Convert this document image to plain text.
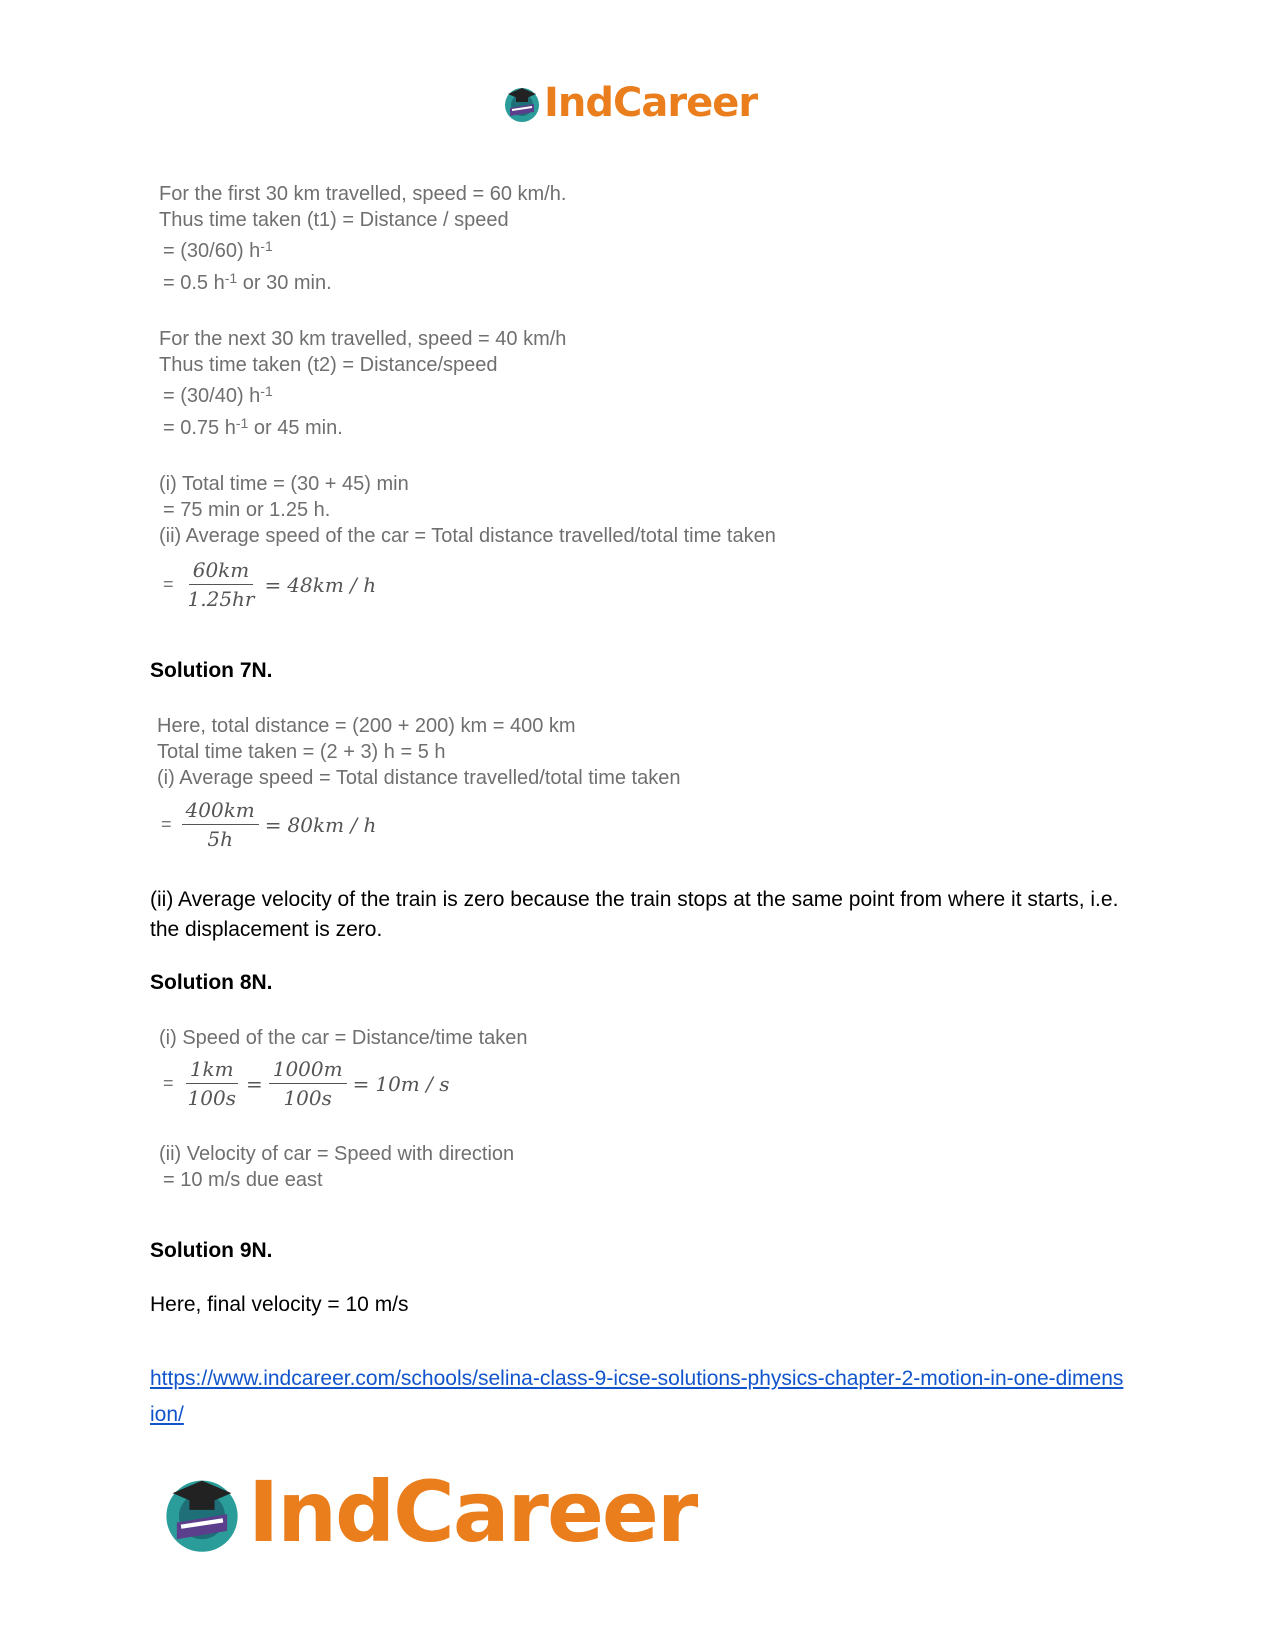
IndCareer
For the first 30 km travelled, speed = 60 km/h.
Thus time taken (t1) = Distance / speed
= (30/60) $h^{-1}$
= 0.5 $h^{-1}$ or 30 min.
For the next 30 km travelled, speed = 40 km/h
Thus time taken (t2) = Distance/speed
= (30/40) $h^{-1}$
= 0.75 $h^{-1}$ or 45 min.
(i) Total time = (30 + 45) min
= 75 min or 1.25 h.
(ii) Average speed of the car = Total distance travelled/total time taken
= $\frac{60km}{1.25hr} = 48km / h$
Solution 7N.
Here, total distance = (200 + 200) km = 400 km
Total time taken = (2 + 3) h = 5 h
(i) Average speed = Total distance travelled/total time taken
= $\frac{400km}{5h} = 80km / h$
(ii) Average velocity of the train is zero because the train stops at the same point from where it starts, i.e. the displacement is zero.
Solution 8N.
(i) Speed of the car = Distance/time taken
= $\frac{1km}{100s} = \frac{1000m}{100s} = 10m / s$
(ii) Velocity of car = Speed with direction
= 10 m/s due east
Solution 9N.
Here, final velocity = 10 m/s
https://www.indcareer.com/schools/selina-class-9-icse-solutions-physics-chapter-2-motion-in-one-dimension/
IndCareer
